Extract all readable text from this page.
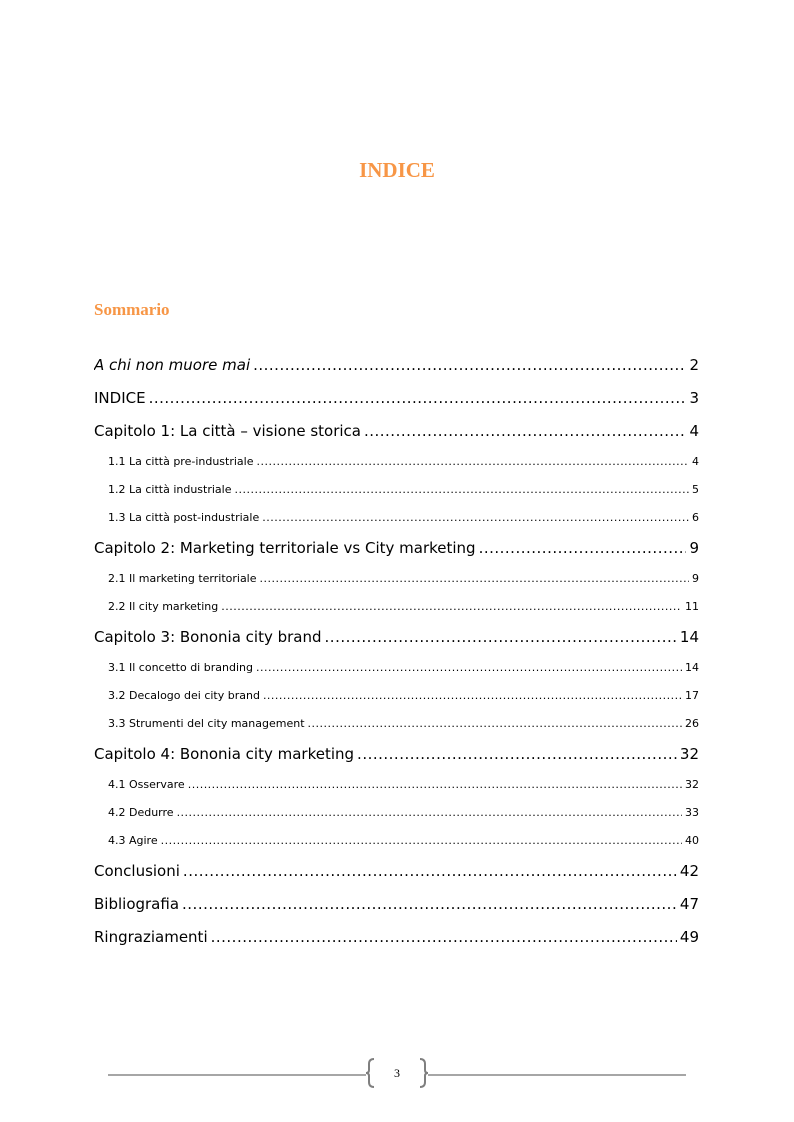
INDICE
Sommario
A chi non muore mai .....	2
INDICE .....	3
Capitolo 1: La città – visione storica .....	4
1.1 La città pre-industriale .....	4
1.2 La città industriale .....	5
1.3 La città post-industriale .....	6
Capitolo 2: Marketing territoriale vs City marketing .....	9
2.1 Il marketing territoriale .....	9
2.2 Il city marketing .....	11
Capitolo 3: Bononia city brand .....	14
3.1 Il concetto di branding .....	14
3.2 Decalogo dei city brand .....	17
3.3 Strumenti del city management .....	26
Capitolo 4: Bononia city marketing .....	32
4.1 Osservare .....	32
4.2 Dedurre .....	33
4.3 Agire .....	40
Conclusioni .....	42
Bibliografia .....	47
Ringraziamenti .....	49
3
